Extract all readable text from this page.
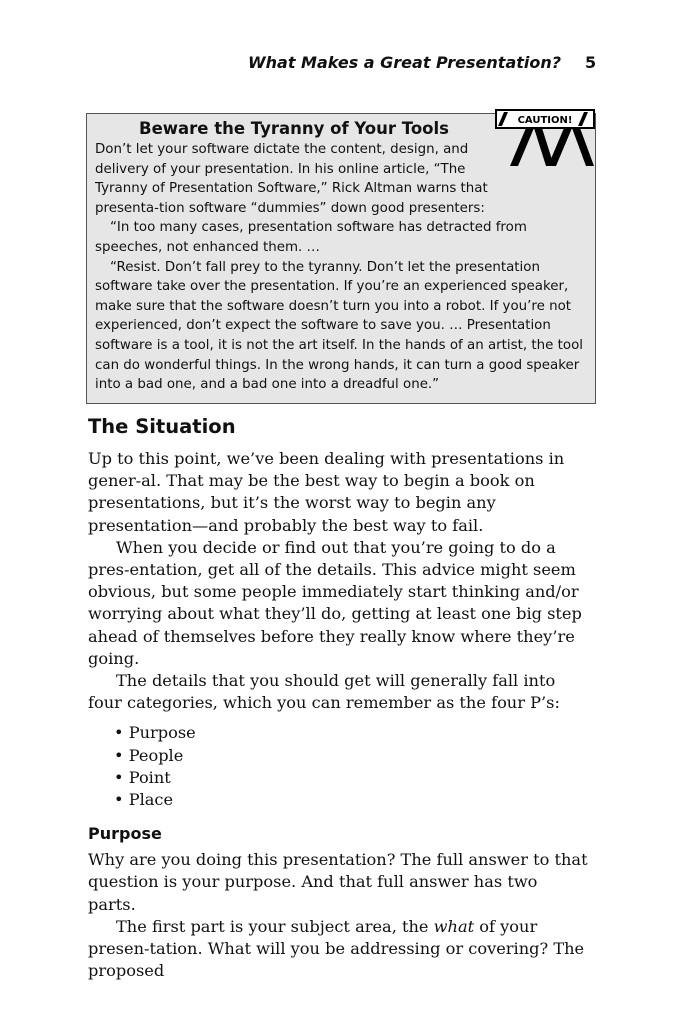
What Makes a Great Presentation? 5
Beware the Tyranny of Your Tools

Don’t let your software dictate the content, design, and delivery of your presentation. In his online article, “The Tyranny of Presentation Software,” Rick Altman warns that presenta-tion software “dummies” down good presenters:

“In too many cases, presentation software has detracted from speeches, not enhanced them. …

“Resist. Don’t fall prey to the tyranny. Don’t let the presentation software take over the presentation. If you’re an experienced speaker, make sure that the software doesn’t turn you into a robot. If you’re not experienced, don’t expect the software to save you. … Presentation software is a tool, it is not the art itself. In the hands of an artist, the tool can do wonderful things. In the wrong hands, it can turn a good speaker into a bad one, and a bad one into a dreadful one.”

CAUTION!
The Situation

Up to this point, we’ve been dealing with presentations in gener-al. That may be the best way to begin a book on presentations, but it’s the worst way to begin any presentation—and probably the best way to fail.

When you decide or find out that you’re going to do a pres-entation, get all of the details. This advice might seem obvious, but some people immediately start thinking and/or worrying about what they’ll do, getting at least one big step ahead of themselves before they really know where they’re going.

The details that you should get will generally fall into four categories, which you can remember as the four P’s:

• Purpose
• People
• Point
• Place
Purpose

Why are you doing this presentation? The full answer to that question is your purpose. And that full answer has two parts.

The first part is your subject area, the what of your presen-tation. What will you be addressing or covering? The proposed
